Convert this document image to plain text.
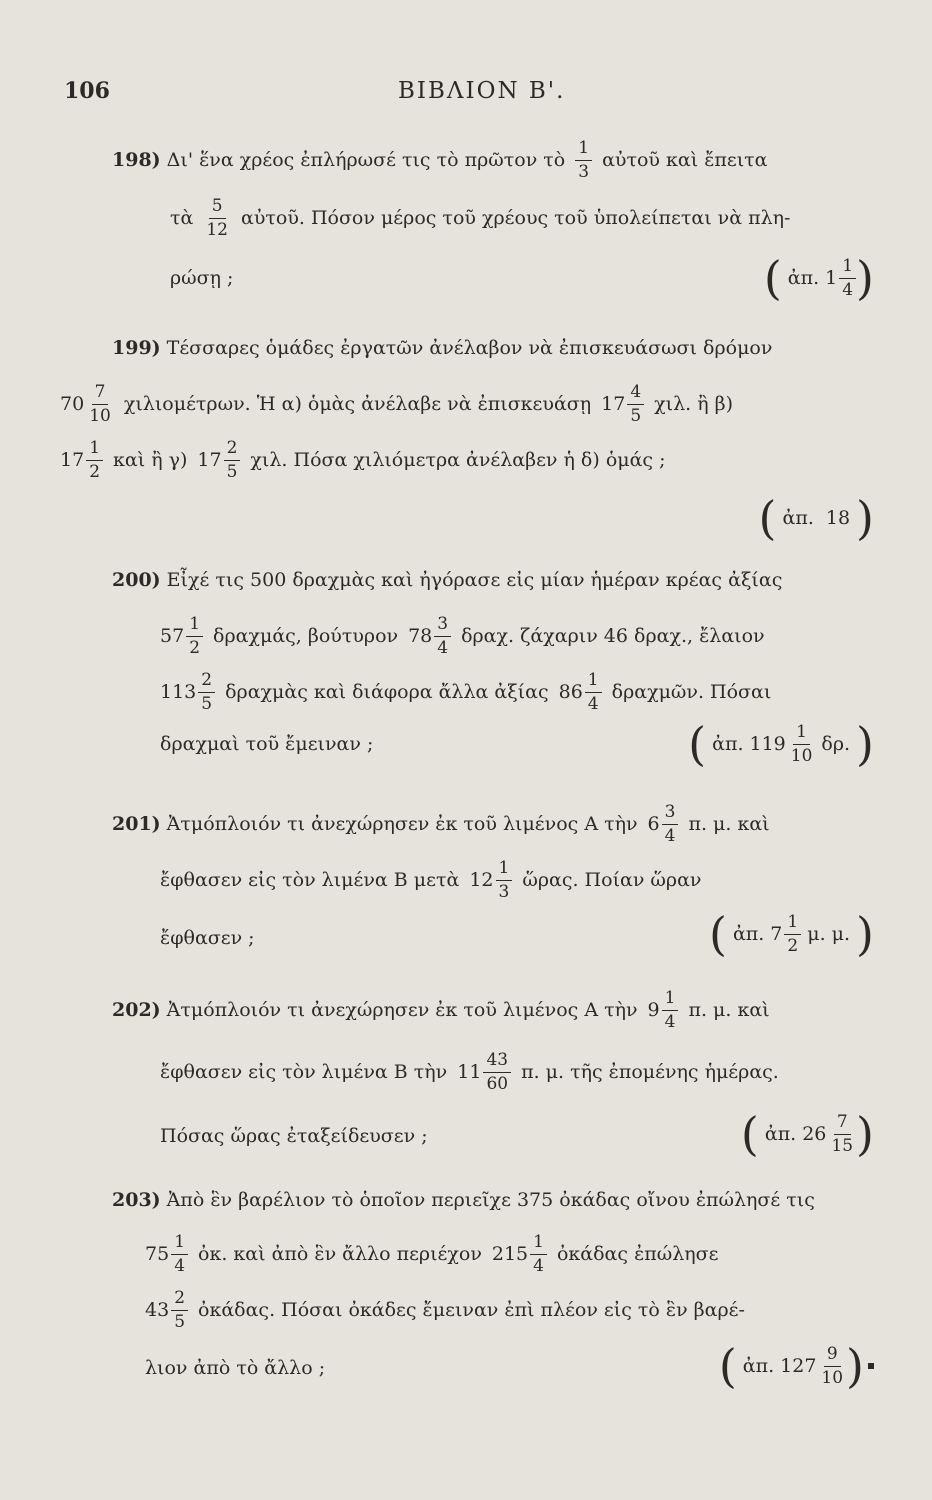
106	ΒΙΒΛΙΟΝ Β'.
198) Δι' ἕνα χρέος ἐπλήρωσέ τις τὸ πρῶτον τὸ $\frac{1}{3}$ αὐτοῦ καὶ ἔπειτα
τὰ $\frac{5}{12}$ αὐτοῦ. Πόσον μέρος τοῦ χρέους τοῦ ὑπολείπεται νὰ πλη-
ρώσῃ ;	( ἀπ. $1 \frac{1}{4}$ )
199) Τέσσαρες ὁμάδες ἐργατῶν ἀνέλαβον νὰ ἐπισκευάσωσι δρόμον
$70 \frac{7}{10} \chi\iota\lambda\iota o\mu έ\tau\rho\omega\nu$. Ἡ α) ὁμὰς ἀνέλαβε νὰ ἐπισκευάσῃ $17 \frac{4}{5} \chi\iota\lambda$. ἢ β)
$17 \frac{1}{2}$ καὶ ἢ γ) $17 \frac{2}{5} \chi\iota\lambda$. Πόσα χιλιόμετρα ἀνέλαβεν ἡ δ) ὁμάς ;
( ἀπ. 18 )
200) Εἶχέ τις 500 δραχμὰς καὶ ἠγόρασε εἰς μίαν ἡμέραν κρέας ἀξίας
$57 \frac{1}{2} \delta\rho\alpha\chi\mu ά\varsigma$, βούτυρον $78 \frac{3}{4} \delta\rho\alpha\chi$. ζάχαριν 46 δραχ., ἔλαιον
$113 \frac{2}{5}$ δραχμὰς καὶ διάφορα ἄλλα ἀξίας $86 \frac{1}{4}$ δραχμῶν. Πόσαι
δραχμαὶ τοῦ ἔμειναν ;	( ἀπ. $119 \frac{1}{10} \delta\rho$. )
201) Ἀτμόπλοιόν τι ἀνεχώρησεν ἐκ τοῦ λιμένος Α τὴν $6 \frac{3}{4} \pi$. μ. καὶ
ἔφθασεν εἰς τὸν λιμένα Β μετὰ $12 \frac{1}{3}$ ὥρας. Ποίαν ὥραν
ἔφθασεν ;	( ἀπ. $7 \frac{1}{2} \mu$. μ. )
202) Ἀτμόπλοιόν τι ἀνεχώρησεν ἐκ τοῦ λιμένος Α τὴν $9 \frac{1}{4} \pi$. μ. καὶ
ἔφθασεν εἰς τὸν λιμένα Β τὴν $11 \frac{43}{60} \pi$. μ. τῆς ἐπομένης ἡμέρας.
Πόσας ὥρας ἐταξείδευσεν ;	( ἀπ. $26 \frac{7}{15}$ )
203) Ἀπὸ ἓν βαρέλιον τὸ ὁποῖον περιεῖχε 375 ὀκάδας οἴνου ἐπώλησέ τις
$75 \frac{1}{4}$ ὀκ. καὶ ἀπὸ ἓν ἄλλο περιέχον $215 \frac{1}{4}$ ὀκάδας ἐπώλησε
$43 \frac{2}{5}$ ὀκάδας. Πόσαι ὀκάδες ἔμειναν ἐπὶ πλέον εἰς τὸ ἓν βαρέ-
λιον ἀπὸ τὸ ἄλλο ;	( ἀπ. $127 \frac{9}{10}$ )
